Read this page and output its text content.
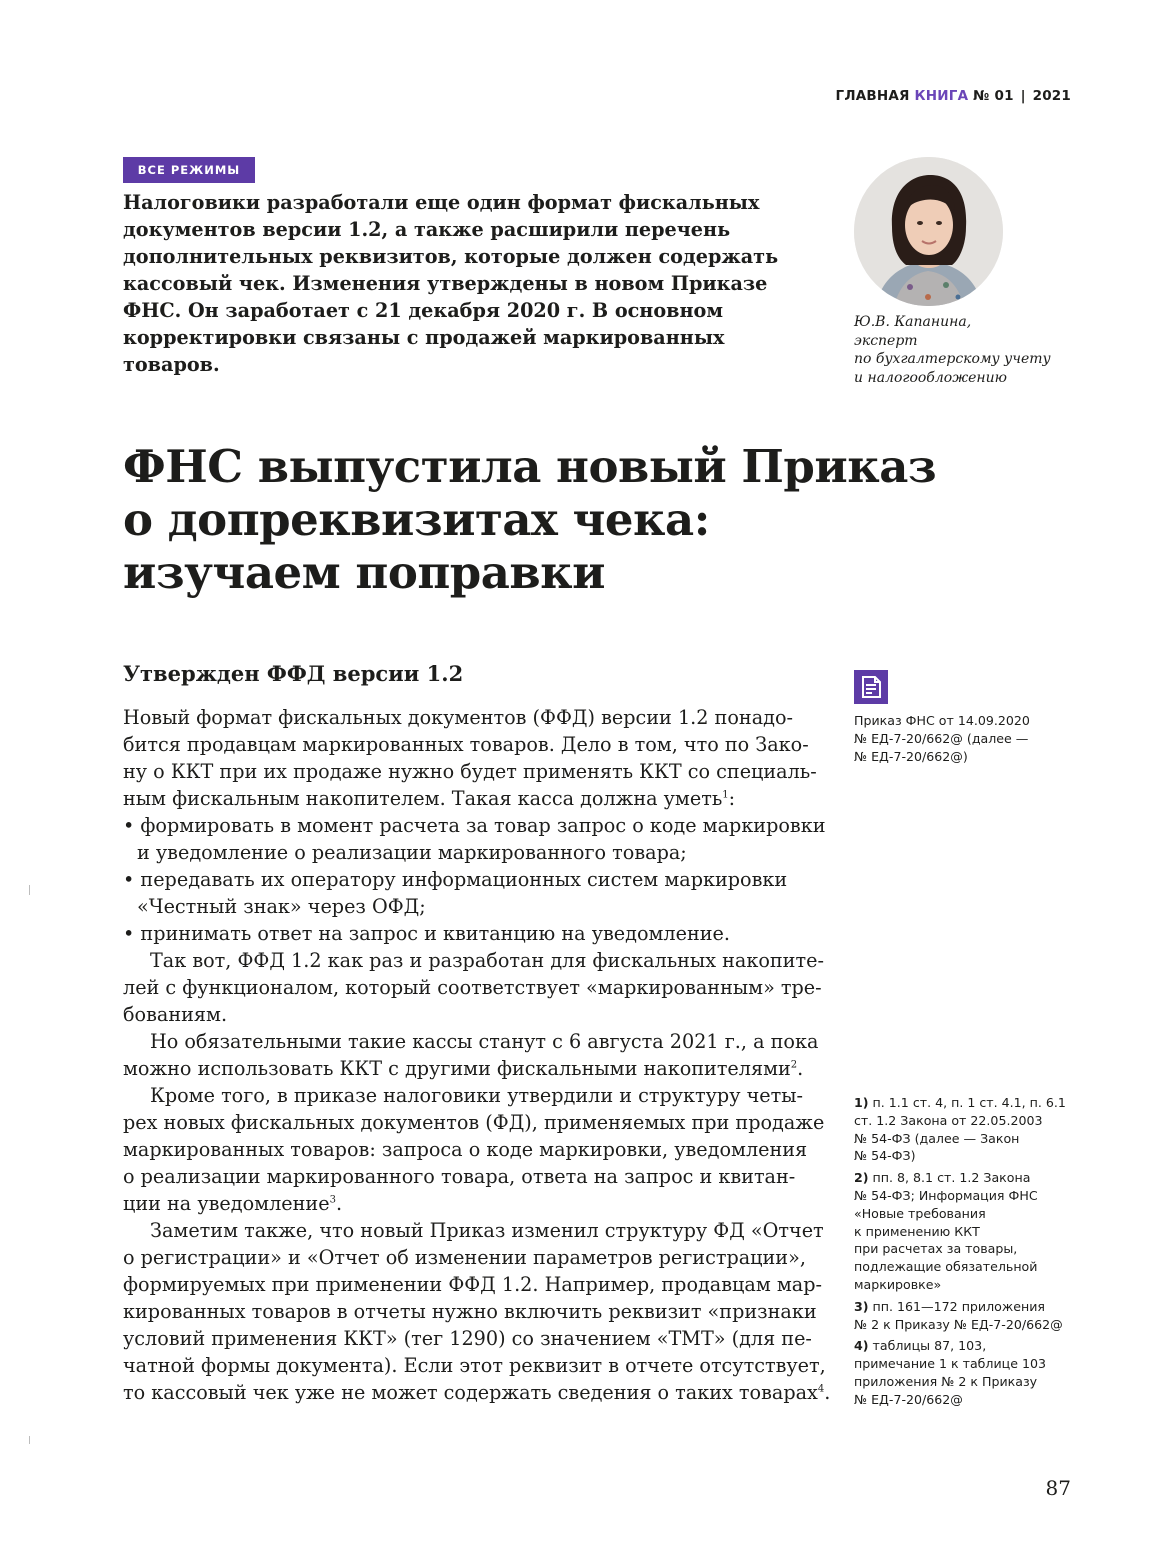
ГЛАВНАЯ КНИГА № 01 | 2021
ВСЕ РЕЖИМЫ
Налоговики разработали еще один формат фискальных документов версии 1.2, а также расширили перечень дополнительных реквизитов, которые должен содержать кассовый чек. Изменения утверждены в новом Приказе ФНС. Он заработает с 21 декабря 2020 г. В основном корректировки связаны с продажей маркированных товаров.
Ю.В. Капанина,
эксперт
по бухгалтерскому учету
и налогообложению
ФНС выпустила новый Приказ
о допреквизитах чека:
изучаем поправки
Утвержден ФФД версии 1.2
Приказ ФНС от 14.09.2020
№ ЕД-7-20/662@ (далее —
№ ЕД-7-20/662@)
Новый формат фискальных документов (ФФД) версии 1.2 понадо-
бится продавцам маркированных товаров. Дело в том, что по Зако-
ну о ККТ при их продаже нужно будет применять ККТ со специаль-
ным фискальным накопителем. Такая касса должна уметь$^1$:
• формировать в момент расчета за товар запрос о коде маркировки
и уведомление о реализации маркированного товара;
• передавать их оператору информационных систем маркировки
«Честный знак» через ОФД;
• принимать ответ на запрос и квитанцию на уведомление.
Так вот, ФФД 1.2 как раз и разработан для фискальных накопите-
лей с функционалом, который соответствует «маркированным» тре-
бованиям.
Но обязательными такие кассы станут с 6 августа 2021 г., а пока
можно использовать ККТ с другими фискальными накопителями$^2$.
Кроме того, в приказе налоговики утвердили и структуру четы-
рех новых фискальных документов (ФД), применяемых при продаже
маркированных товаров: запроса о коде маркировки, уведомления
о реализации маркированного товара, ответа на запрос и квитан-
ции на уведомление$^3$.
Заметим также, что новый Приказ изменил структуру ФД «Отчет
о регистрации» и «Отчет об изменении параметров регистрации»,
формируемых при применении ФФД 1.2. Например, продавцам мар-
кированных товаров в отчеты нужно включить реквизит «признаки
условий применения ККТ» (тег 1290) со значением «ТМТ» (для пе-
чатной формы документа). Если этот реквизит в отчете отсутствует,
то кассовый чек уже не может содержать сведения о таких товарах$^4$.
1) п. 1.1 ст. 4, п. 1 ст. 4.1, п. 6.1
ст. 1.2 Закона от 22.05.2003
№ 54-ФЗ (далее — Закон
№ 54-ФЗ)
2) пп. 8, 8.1 ст. 1.2 Закона
№ 54-ФЗ; Информация ФНС
«Новые требования
к применению ККТ
при расчетах за товары,
подлежащие обязательной
маркировке»
3) пп. 161—172 приложения
№ 2 к Приказу № ЕД-7-20/662@
4) таблицы 87, 103,
примечание 1 к таблице 103
приложения № 2 к Приказу
№ ЕД-7-20/662@
87
